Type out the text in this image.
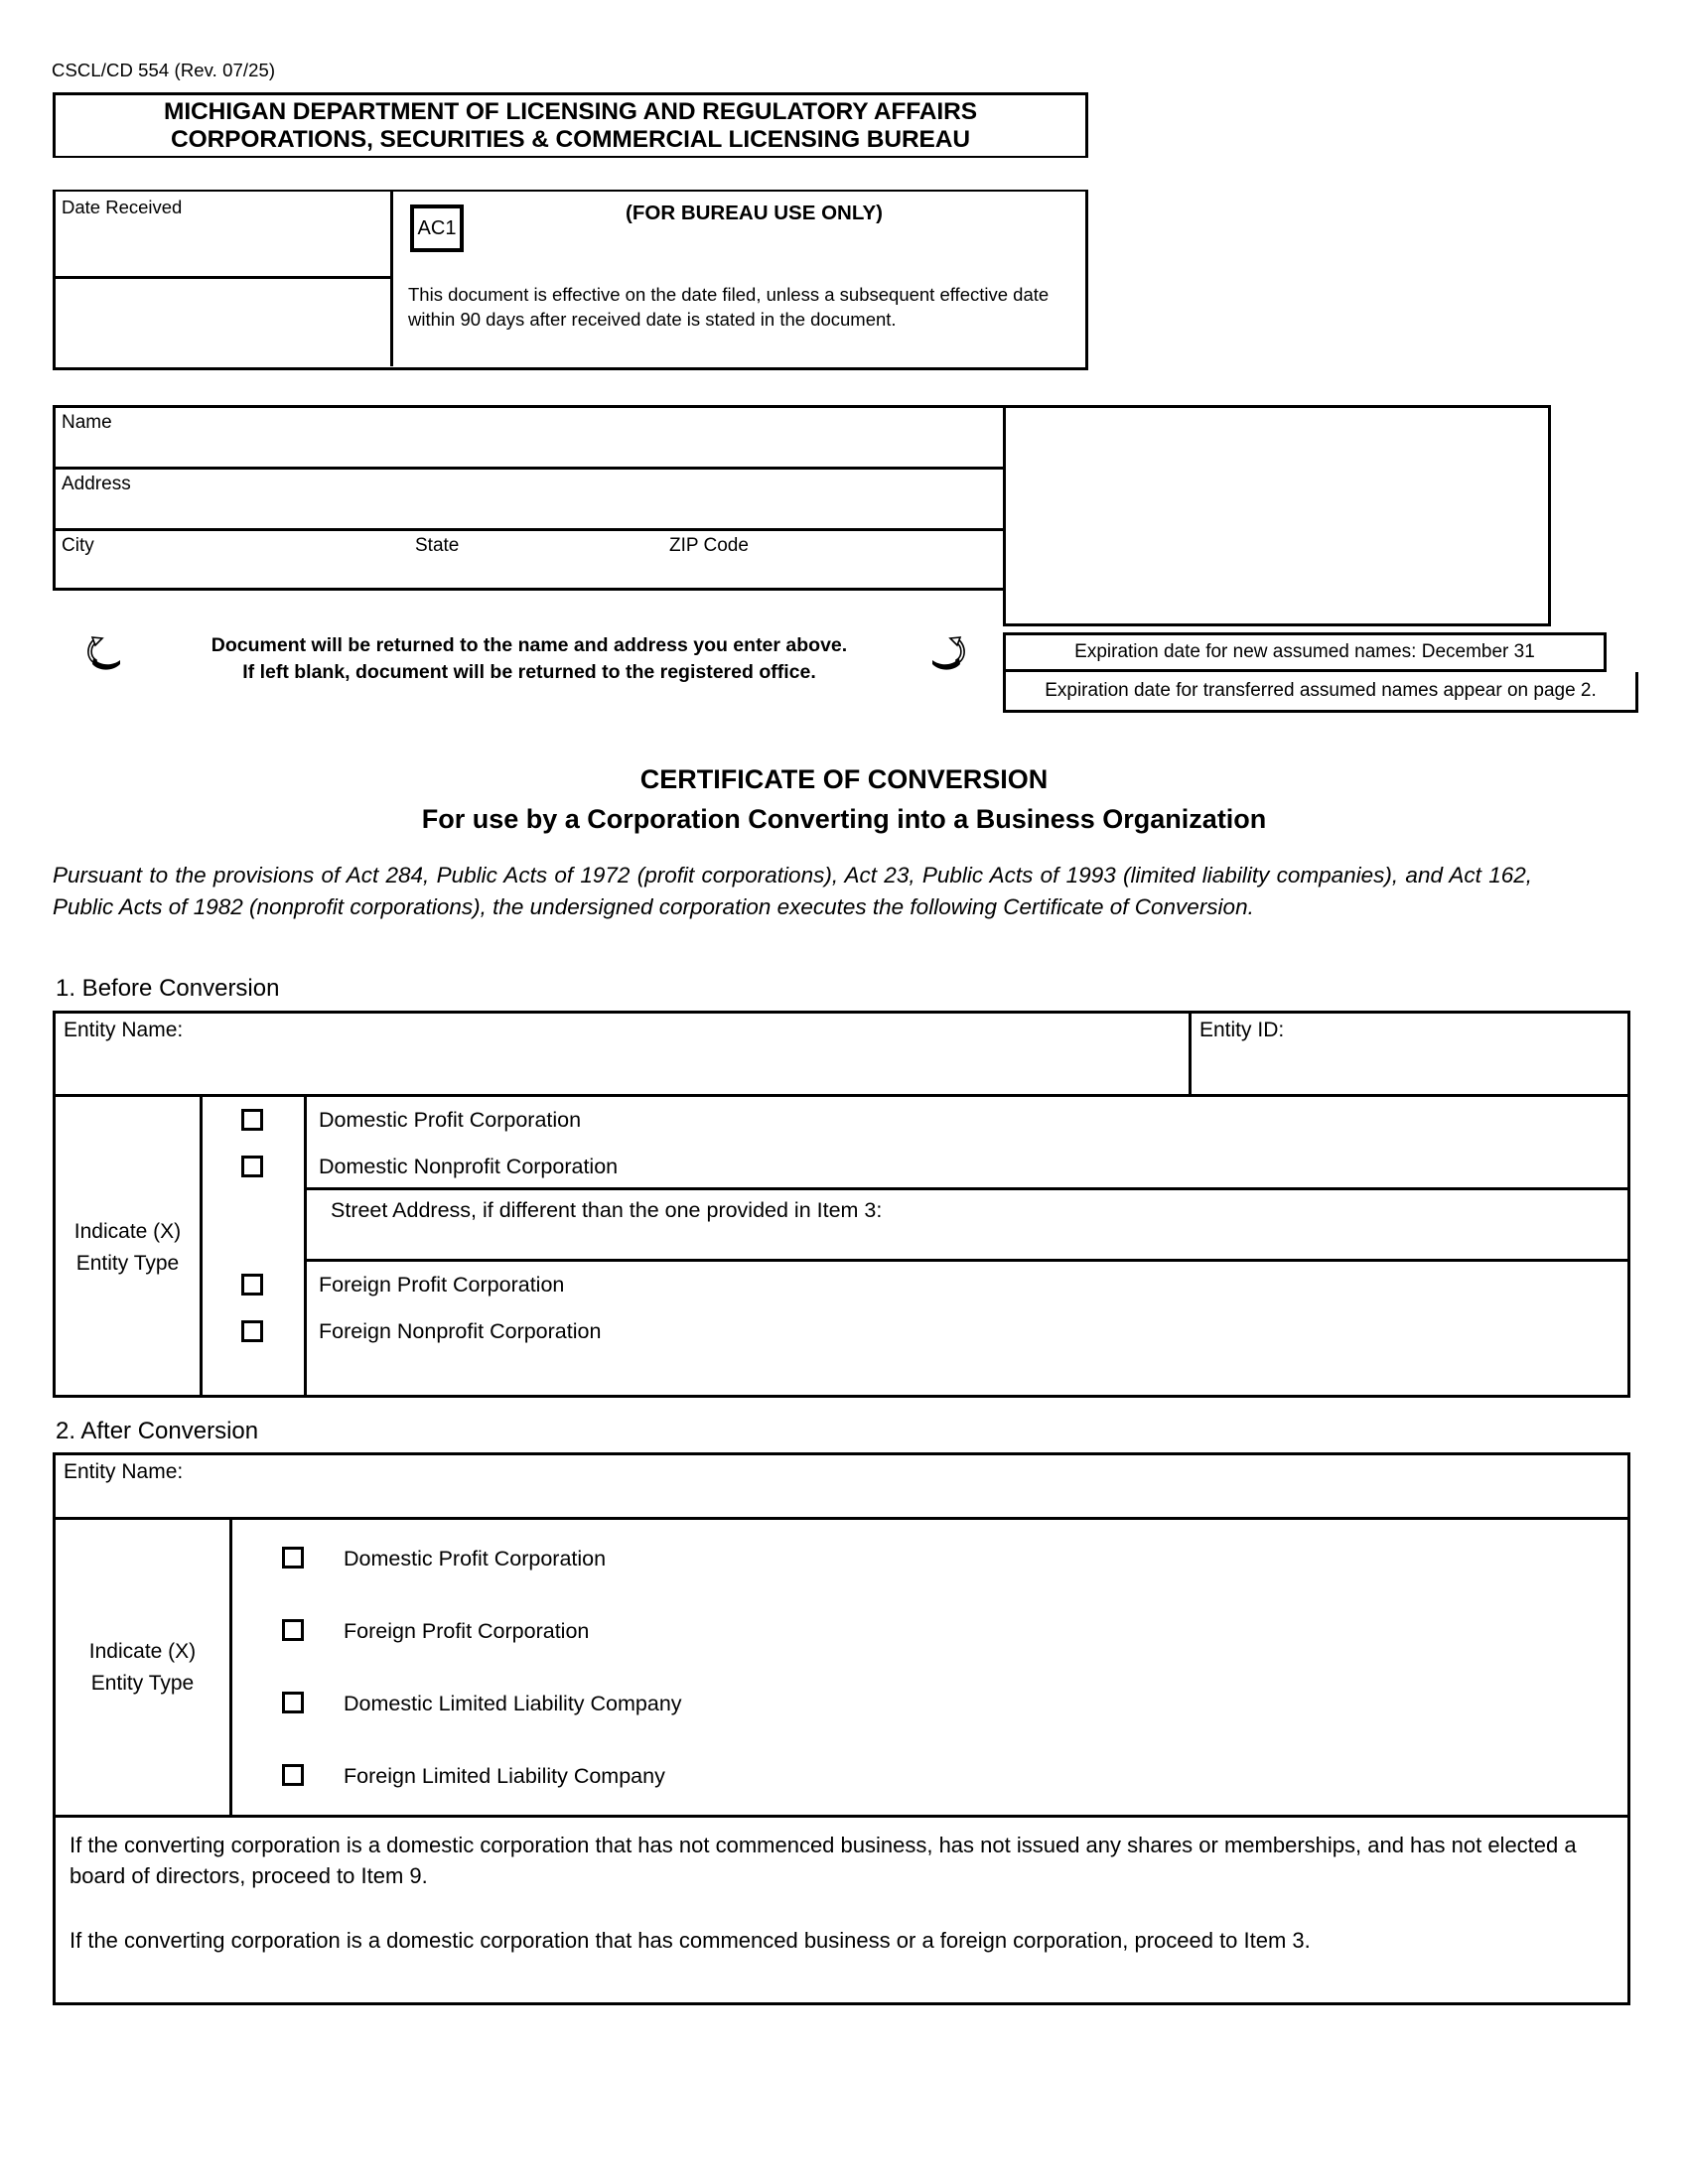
CSCL/CD 554 (Rev. 07/25)
MICHIGAN DEPARTMENT OF LICENSING AND REGULATORY AFFAIRS
CORPORATIONS, SECURITIES & COMMERCIAL LICENSING BUREAU
Date Received
AC1
(FOR BUREAU USE ONLY)
This document is effective on the date filed, unless a subsequent effective date within 90 days after received date is stated in the document.
Name
Address
City	State	ZIP Code
Document will be returned to the name and address you enter above.
If left blank, document will be returned to the registered office.
Expiration date for new assumed names: December 31
Expiration date for transferred assumed names appear on page 2.
CERTIFICATE OF CONVERSION
For use by a Corporation Converting into a Business Organization
Pursuant to the provisions of Act 284, Public Acts of 1972 (profit corporations), Act 23, Public Acts of 1993 (limited liability companies), and Act 162, Public Acts of 1982 (nonprofit corporations), the undersigned corporation executes the following Certificate of Conversion.
1. Before Conversion
Entity Name:	Entity ID:
Indicate (X)
Entity Type
Domestic Profit Corporation
Domestic Nonprofit Corporation
Street Address, if different than the one provided in Item 3:
Foreign Profit Corporation
Foreign Nonprofit Corporation
2. After Conversion
Entity Name:
Indicate (X)
Entity Type
Domestic Profit Corporation
Foreign Profit Corporation
Domestic Limited Liability Company
Foreign Limited Liability Company

If the converting corporation is a domestic corporation that has not commenced business, has not issued any shares or memberships, and has not elected a board of directors, proceed to Item 9.

If the converting corporation is a domestic corporation that has commenced business or a foreign corporation, proceed to Item 3.
